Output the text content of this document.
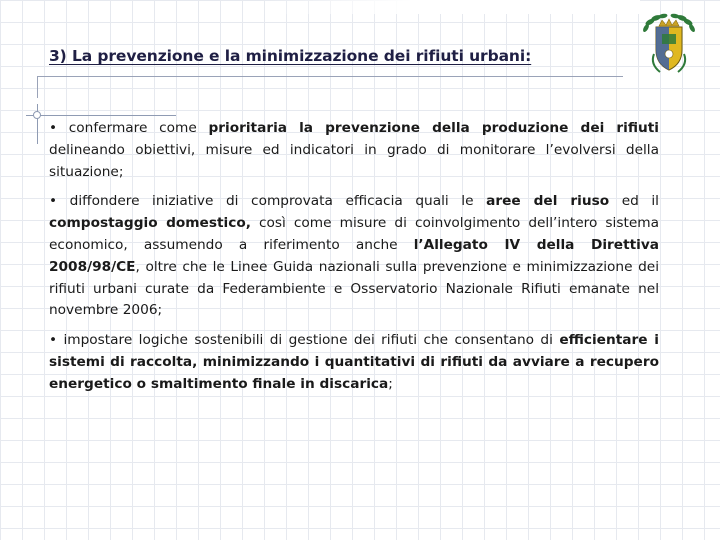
3) La prevenzione e la minimizzazione dei rifiuti urbani:

• confermare come prioritaria la prevenzione della produzione dei rifiuti delineando obiettivi, misure ed indicatori in grado di monitorare l’evolversi della situazione;

• diffondere iniziative di comprovata efficacia quali le aree del riuso ed il compostaggio domestico, così come misure di coinvolgimento dell’intero sistema economico, assumendo a riferimento anche l’Allegato IV della Direttiva 2008/98/CE, oltre che le Linee Guida nazionali sulla prevenzione e minimizzazione dei rifiuti urbani curate da Federambiente e Osservatorio Nazionale Rifiuti emanate nel novembre 2006;

• impostare logiche sostenibili di gestione dei rifiuti che consentano di efficientare i sistemi di raccolta, minimizzando i quantitativi di rifiuti da avviare a recupero energetico o smaltimento finale in discarica;
